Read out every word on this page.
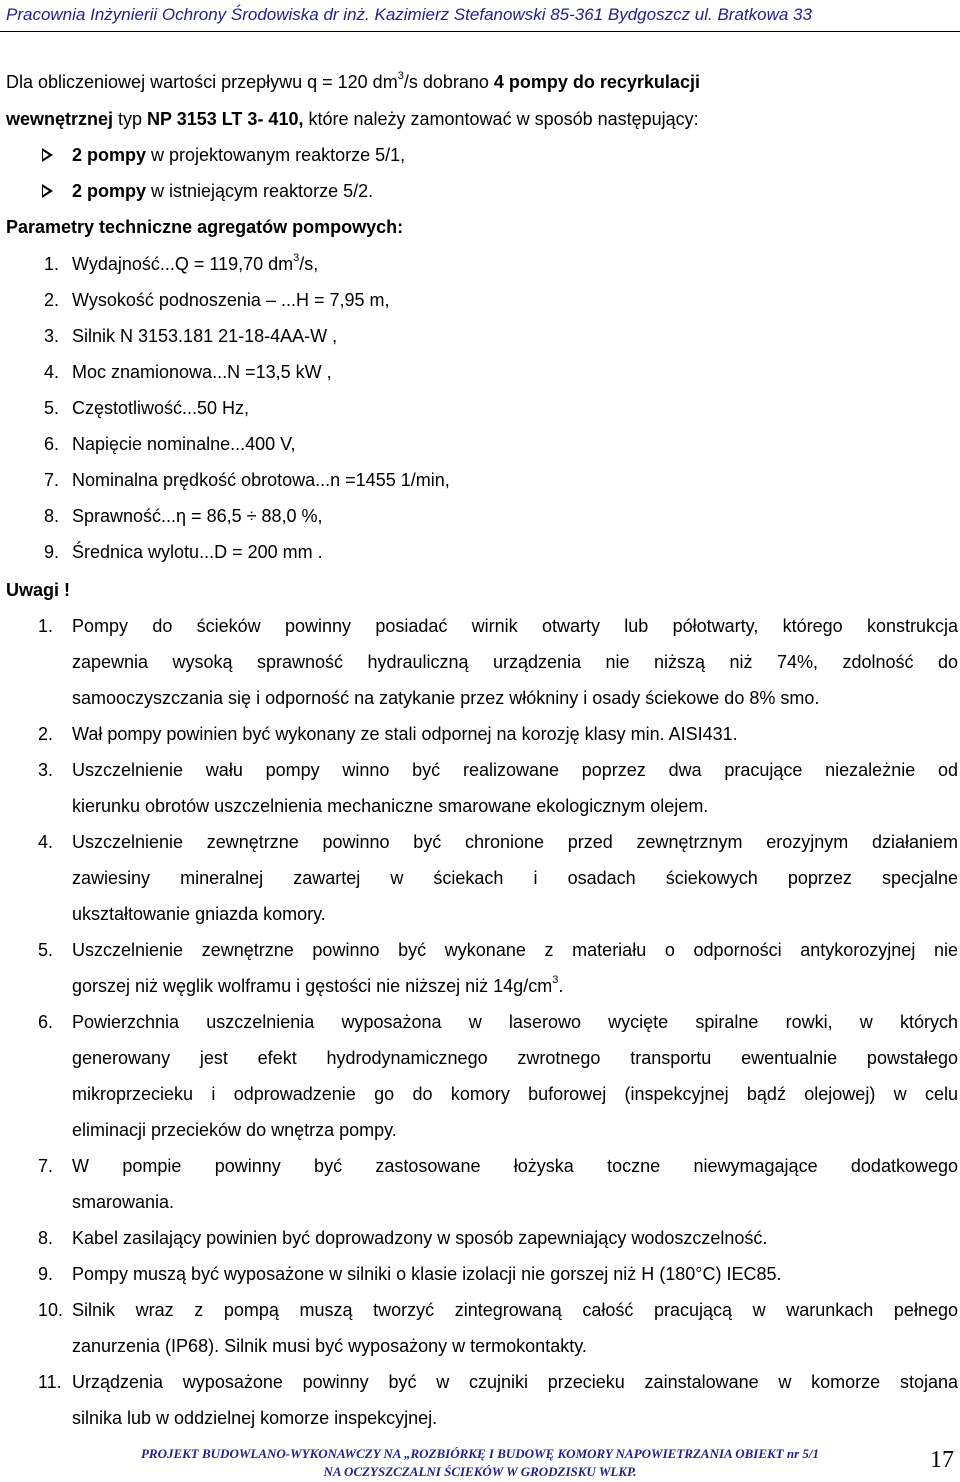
Pracownia Inżynierii Ochrony Środowiska dr inż. Kazimierz Stefanowski 85-361 Bydgoszcz ul. Bratkowa 33
Dla obliczeniowej wartości przepływu q = 120 $dm^3/s$ dobrano 4 pompy do recyrkulacji
wewnętrznej typ NP 3153 LT 3- 410, które należy zamontować w sposób następujący:
2 pompy w projektowanym reaktorze 5/1,
2 pompy w istniejącym reaktorze 5/2.
Parametry techniczne agregatów pompowych:
1. Wydajność...Q = 119,70 $dm^3/s$,
2. Wysokość podnoszenia – ...H = 7,95 m,
3. Silnik N 3153.181 21-18-4AA-W ,
4. Moc znamionowa...N =13,5 kW ,
5. Częstotliwość...50 Hz,
6. Napięcie nominalne...400 V,
7. Nominalna prędkość obrotowa...n =1455 1/min,
8. Sprawność...η = 86,5 ÷ 88,0 %,
9. Średnica wylotu...D = 200 mm .
Uwagi !
1. Pompy do ścieków powinny posiadać wirnik otwarty lub półotwarty, którego konstrukcja
zapewnia wysoką sprawność hydrauliczną urządzenia nie niższą niż 74%, zdolność do
samooczyszczania się i odporność na zatykanie przez włókniny i osady ściekowe do 8% smo.
2. Wał pompy powinien być wykonany ze stali odpornej na korozję klasy min. AISI431.
3. Uszczelnienie wału pompy winno być realizowane poprzez dwa pracujące niezależnie od
kierunku obrotów uszczelnienia mechaniczne smarowane ekologicznym olejem.
4. Uszczelnienie zewnętrzne powinno być chronione przed zewnętrznym erozyjnym działaniem
zawiesiny mineralnej zawartej w ściekach i osadach ściekowych poprzez specjalne
ukształtowanie gniazda komory.
5. Uszczelnienie zewnętrzne powinno być wykonane z materiału o odporności antykorozyjnej nie
gorszej niż węglik wolframu i gęstości nie niższej niż $14g/cm^3$.
6. Powierzchnia uszczelnienia wyposażona w laserowo wycięte spiralne rowki, w których
generowany jest efekt hydrodynamicznego zwrotnego transportu ewentualnie powstałego
mikroprzecieku i odprowadzenie go do komory buforowej (inspekcyjnej bądź olejowej) w celu
eliminacji przecieków do wnętrza pompy.
7. W pompie powinny być zastosowane łożyska toczne niewymagające dodatkowego
smarowania.
8. Kabel zasilający powinien być doprowadzony w sposób zapewniający wodoszczelność.
9. Pompy muszą być wyposażone w silniki o klasie izolacji nie gorszej niż H (180°C) IEC85.
10. Silnik wraz z pompą muszą tworzyć zintegrowaną całość pracującą w warunkach pełnego
zanurzenia (IP68). Silnik musi być wyposażony w termokontakty.
11. Urządzenia wyposażone powinny być w czujniki przecieku zainstalowane w komorze stojana
silnika lub w oddzielnej komorze inspekcyjnej.
PROJEKT BUDOWLANO-WYKONAWCZY NA „ROZBIÓRKĘ I BUDOWĘ KOMORY NAPOWIETRZANIA OBIEKT nr 5/1
NA OCZYSZCZALNI ŚCIEKÓW W GRODZISKU WLKP.	17
